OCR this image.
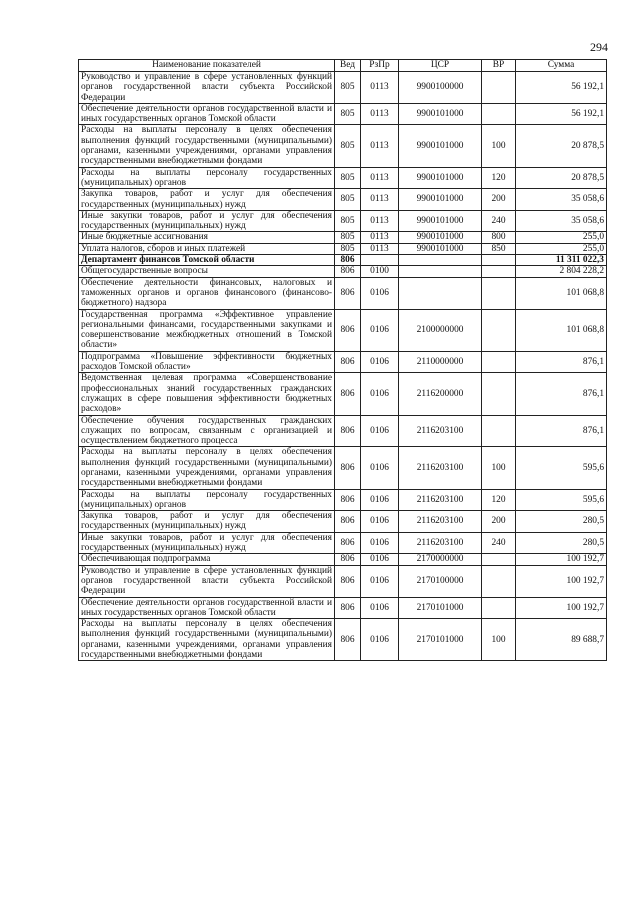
294
Наименование показателей	Вед	РзПр	ЦСР	ВР	Сумма
Руководство и управление в сфере установленных функций органов государственной власти субъекта Российской Федерации	805	0113	9900100000		56 192,1
Обеспечение деятельности органов государственной власти и иных государственных органов Томской области	805	0113	9900101000		56 192,1
Расходы на выплаты персоналу в целях обеспечения выполнения функций государственными (муниципальными) органами, казенными учреждениями, органами управления государственными внебюджетными фондами	805	0113	9900101000	100	20 878,5
Расходы на выплаты персоналу государственных (муниципальных) органов	805	0113	9900101000	120	20 878,5
Закупка товаров, работ и услуг для обеспечения государственных (муниципальных) нужд	805	0113	9900101000	200	35 058,6
Иные закупки товаров, работ и услуг для обеспечения государственных (муниципальных) нужд	805	0113	9900101000	240	35 058,6
Иные бюджетные ассигнования	805	0113	9900101000	800	255,0
Уплата налогов, сборов и иных платежей	805	0113	9900101000	850	255,0
Департамент финансов Томской области	806				11 311 022,3
Общегосударственные вопросы	806	0100			2 804 228,2
Обеспечение деятельности финансовых, налоговых и таможенных органов и органов финансового (финансово-бюджетного) надзора	806	0106			101 068,8
Государственная программа «Эффективное управление региональными финансами, государственными закупками и совершенствование межбюджетных отношений в Томской области»	806	0106	2100000000		101 068,8
Подпрограмма «Повышение эффективности бюджетных расходов Томской области»	806	0106	2110000000		876,1
Ведомственная целевая программа «Совершенствование профессиональных знаний государственных гражданских служащих в сфере повышения эффективности бюджетных расходов»	806	0106	2116200000		876,1
Обеспечение обучения государственных гражданских служащих по вопросам, связанным с организацией и осуществлением бюджетного процесса	806	0106	2116203100		876,1
Расходы на выплаты персоналу в целях обеспечения выполнения функций государственными (муниципальными) органами, казенными учреждениями, органами управления государственными внебюджетными фондами	806	0106	2116203100	100	595,6
Расходы на выплаты персоналу государственных (муниципальных) органов	806	0106	2116203100	120	595,6
Закупка товаров, работ и услуг для обеспечения государственных (муниципальных) нужд	806	0106	2116203100	200	280,5
Иные закупки товаров, работ и услуг для обеспечения государственных (муниципальных) нужд	806	0106	2116203100	240	280,5
Обеспечивающая подпрограмма	806	0106	2170000000		100 192,7
Руководство и управление в сфере установленных функций органов государственной власти субъекта Российской Федерации	806	0106	2170100000		100 192,7
Обеспечение деятельности органов государственной власти и иных государственных органов Томской области	806	0106	2170101000		100 192,7
Расходы на выплаты персоналу в целях обеспечения выполнения функций государственными (муниципальными) органами, казенными учреждениями, органами управления государственными внебюджетными фондами	806	0106	2170101000	100	89 688,7
